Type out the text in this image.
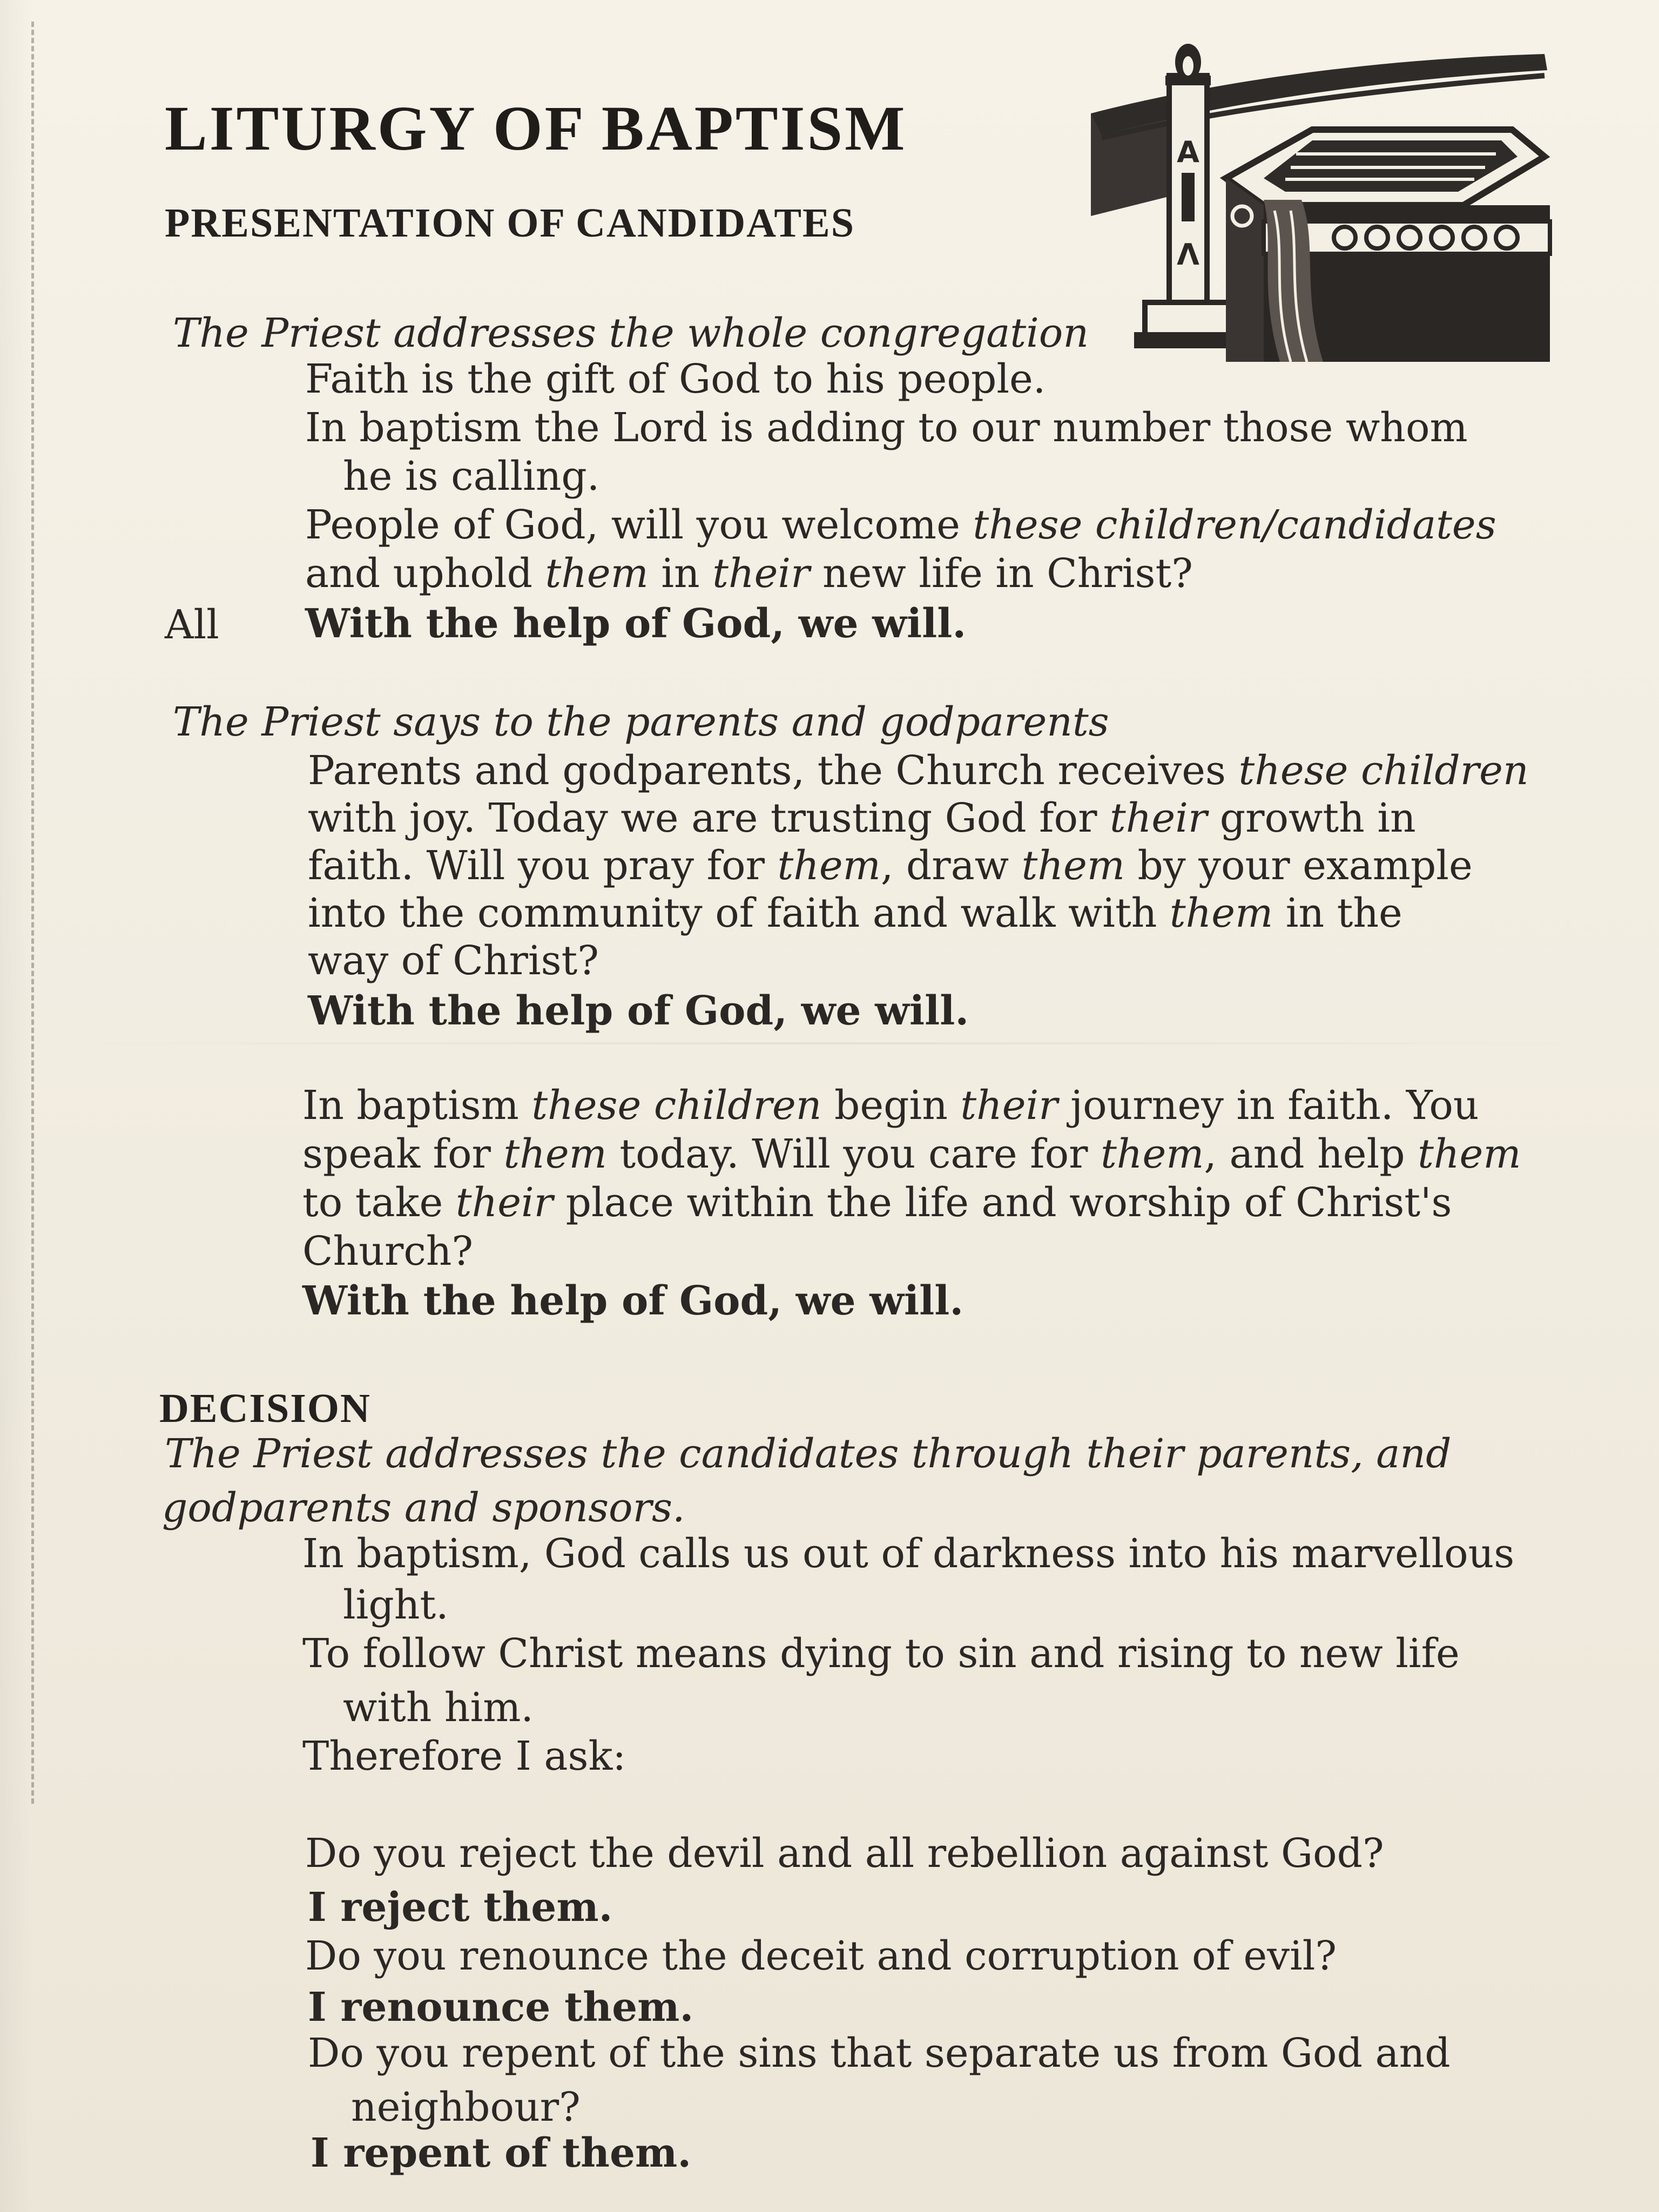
LITURGY OF BAPTISM	A
Λ
PRESENTATION OF CANDIDATES
The Priest addresses the whole congregation
Faith is the gift of God to his people.
In baptism the Lord is adding to our number those whom
he is calling.
People of God, will you welcome these children/candidates
and uphold them in their new life in Christ?
All With the help of God, we will.
The Priest says to the parents and godparents
Parents and godparents, the Church receives these children
with joy. Today we are trusting God for their growth in
faith. Will you pray for them, draw them by your example
into the community of faith and walk with them in the
way of Christ?
With the help of God, we will.
In baptism these children begin their journey in faith. You
speak for them today. Will you care for them, and help them
to take their place within the life and worship of Christ's
Church?
With the help of God, we will.
DECISION
The Priest addresses the candidates through their parents, and
godparents and sponsors.
In baptism, God calls us out of darkness into his marvellous
light.
To follow Christ means dying to sin and rising to new life
with him.
Therefore I ask:
Do you reject the devil and all rebellion against God?
I reject them.
Do you renounce the deceit and corruption of evil?
I renounce them.
Do you repent of the sins that separate us from God and
neighbour?
I repent of them.
